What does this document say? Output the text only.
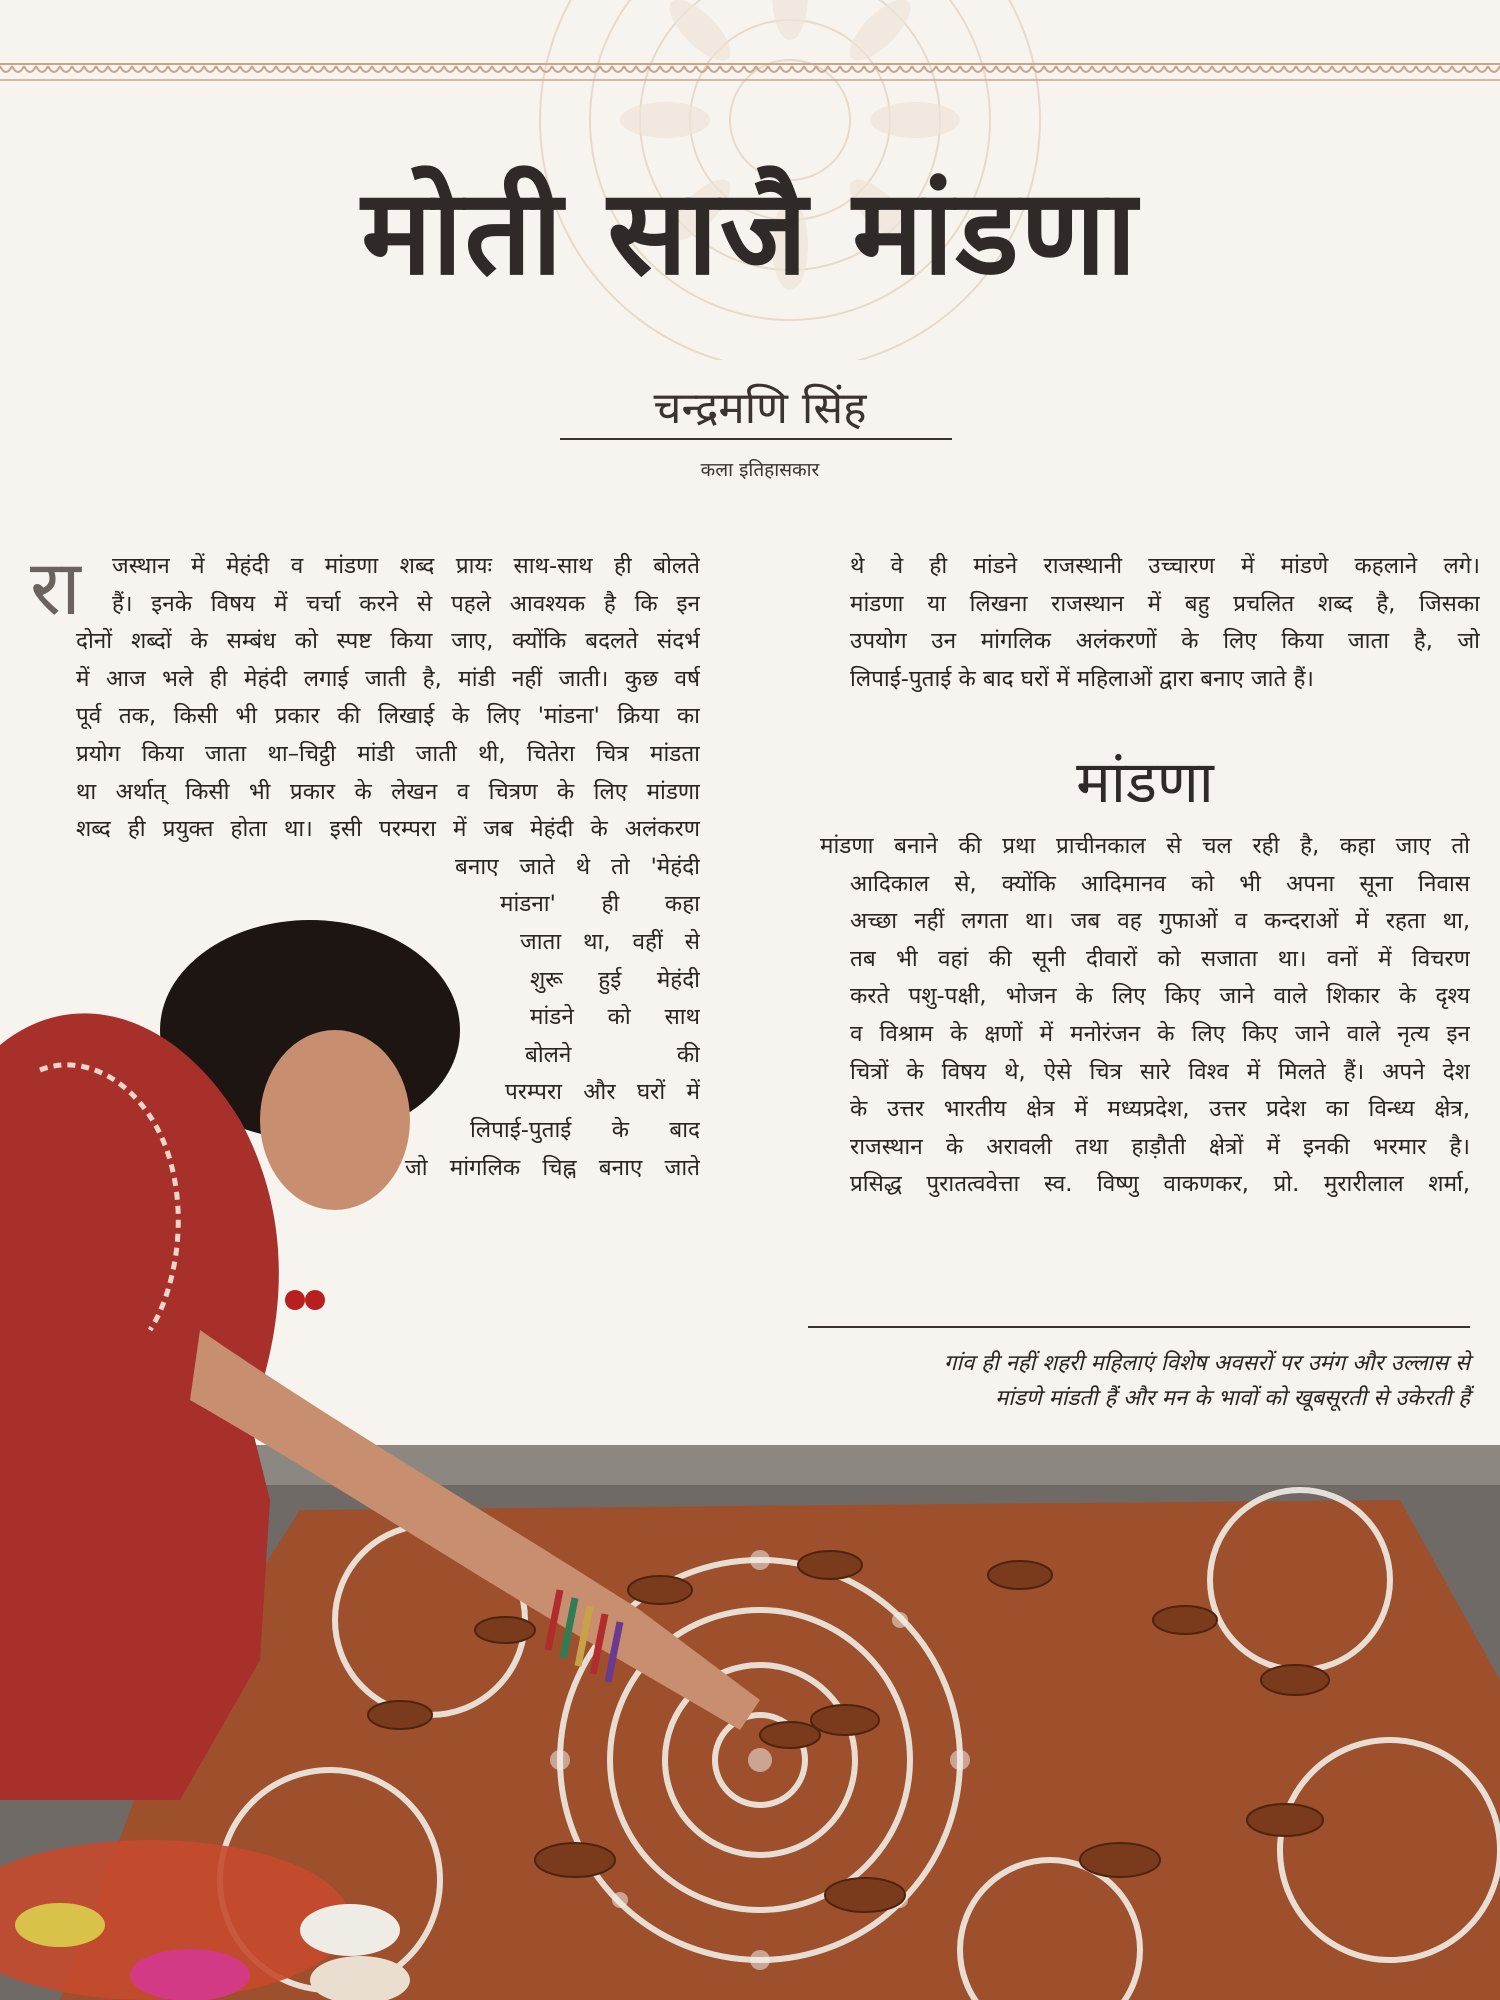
मोती साजै मांडणा
चन्द्रमणि सिंह
कला इतिहासकार
रा जस्थान में मेहंदी व मांडणा शब्द प्रायः साथ-साथ ही बोलते
हैं। इनके विषय में चर्चा करने से पहले आवश्यक है कि इन
दोनों शब्दों के सम्बंध को स्पष्ट किया जाए, क्योंकि बदलते संदर्भ
में आज भले ही मेहंदी लगाई जाती है, मांडी नहीं जाती। कुछ वर्ष
पूर्व तक, किसी भी प्रकार की लिखाई के लिए 'मांडना' क्रिया का
प्रयोग किया जाता था–चिट्ठी मांडी जाती थी, चितेरा चित्र मांडता
था अर्थात् किसी भी प्रकार के लेखन व चित्रण के लिए मांडणा
शब्द ही प्रयुक्त होता था। इसी परम्परा में जब मेहंदी के अलंकरण
बनाए जाते थे तो 'मेहंदी
मांडना' ही कहा
जाता था, वहीं से
शुरू हुई मेहंदी
मांडने को साथ
बोलने की
परम्परा और घरों में
लिपाई-पुताई के बाद
जो मांगलिक चिह्न बनाए जाते
थे वे ही मांडने राजस्थानी उच्चारण में मांडणे कहलाने लगे।
मांडणा या लिखना राजस्थान में बहु प्रचलित शब्द है, जिसका
उपयोग उन मांगलिक अलंकरणों के लिए किया जाता है, जो
लिपाई-पुताई के बाद घरों में महिलाओं द्वारा बनाए जाते हैं।
मांडणा
मांडणा बनाने की प्रथा प्राचीनकाल से चल रही है, कहा जाए तो
आदिकाल से, क्योंकि आदिमानव को भी अपना सूना निवास
अच्छा नहीं लगता था। जब वह गुफाओं व कन्दराओं में रहता था,
तब भी वहां की सूनी दीवारों को सजाता था। वनों में विचरण
करते पशु-पक्षी, भोजन के लिए किए जाने वाले शिकार के दृश्य
व विश्राम के क्षणों में मनोरंजन के लिए किए जाने वाले नृत्य इन
चित्रों के विषय थे, ऐसे चित्र सारे विश्व में मिलते हैं। अपने देश
के उत्तर भारतीय क्षेत्र में मध्यप्रदेश, उत्तर प्रदेश का विन्ध्य क्षेत्र,
राजस्थान के अरावली तथा हाड़ौती क्षेत्रों में इनकी भरमार है।
प्रसिद्ध पुरातत्ववेत्ता स्व. विष्णु वाकणकर, प्रो. मुरारीलाल शर्मा,
गांव ही नहीं शहरी महिलाएं विशेष अवसरों पर उमंग और उल्लास से
मांडणे मांडती हैं और मन के भावों को खूबसूरती से उकेरती हैं
